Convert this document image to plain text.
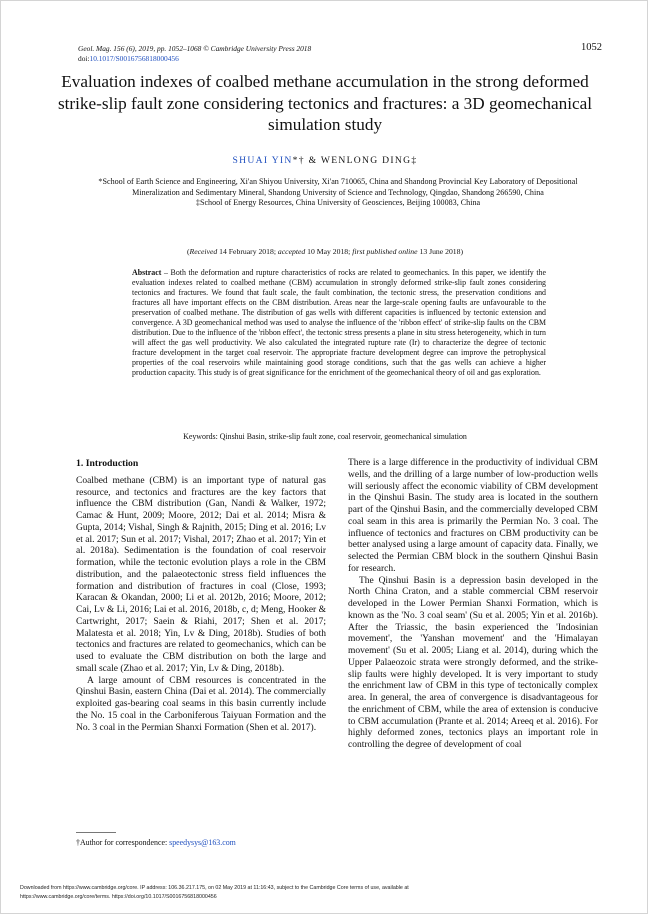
Geol. Mag. 156 (6), 2019, pp. 1052–1068 © Cambridge University Press 2018
doi:10.1017/S0016756818000456
1052
Evaluation indexes of coalbed methane accumulation in the strong deformed strike-slip fault zone considering tectonics and fractures: a 3D geomechanical simulation study
SHUAI YIN*† & WENLONG DING‡
*School of Earth Science and Engineering, Xi'an Shiyou University, Xi'an 710065, China and Shandong Provincial Key Laboratory of Depositional Mineralization and Sedimentary Mineral, Shandong University of Science and Technology, Qingdao, Shandong 266590, China
‡School of Energy Resources, China University of Geosciences, Beijing 100083, China
(Received 14 February 2018; accepted 10 May 2018; first published online 13 June 2018)
Abstract – Both the deformation and rupture characteristics of rocks are related to geomechanics. In this paper, we identify the evaluation indexes related to coalbed methane (CBM) accumulation in strongly deformed strike-slip fault zones considering tectonics and fractures. We found that fault scale, the fault combination, the tectonic stress, the preservation conditions and fractures all have important effects on the CBM distribution. Areas near the large-scale opening faults are unfavourable to the preservation of coalbed methane. The distribution of gas wells with different capacities is influenced by tectonic extension and convergence. A 3D geomechanical method was used to analyse the influence of the 'ribbon effect' of strike-slip faults on the CBM distribution. Due to the influence of the 'ribbon effect', the tectonic stress presents a plane in situ stress heterogeneity, which in turn will affect the gas well productivity. We also calculated the integrated rupture rate (Ir) to characterize the degree of tectonic fracture development in the target coal reservoir. The appropriate fracture development degree can improve the petrophysical properties of the coal reservoirs while maintaining good storage conditions, such that the gas wells can achieve a higher production capacity. This study is of great significance for the enrichment of the geomechanical theory of oil and gas exploration.
Keywords: Qinshui Basin, strike-slip fault zone, coal reservoir, geomechanical simulation
1. Introduction

Coalbed methane (CBM) is an important type of natural gas resource, and tectonics and fractures are the key factors that influence the CBM distribution (Gan, Nandi & Walker, 1972; Camac & Hunt, 2009; Moore, 2012; Dai et al. 2014; Misra & Gupta, 2014; Vishal, Singh & Rajnith, 2015; Ding et al. 2016; Lv et al. 2017; Sun et al. 2017; Vishal, 2017; Zhao et al. 2017; Yin et al. 2018a). Sedimentation is the foundation of coal reservoir formation, while the tectonic evolution plays a role in the CBM distribution, and the palaeotectonic stress field influences the formation and distribution of fractures in coal (Close, 1993; Karacan & Okandan, 2000; Li et al. 2012b, 2016; Moore, 2012; Cai, Lv & Li, 2016; Lai et al. 2016, 2018b, c, d; Meng, Hooker & Cartwright, 2017; Saein & Riahi, 2017; Shen et al. 2017; Malatesta et al. 2018; Yin, Lv & Ding, 2018b). Studies of both tectonics and fractures are related to geomechanics, which can be used to evaluate the CBM distribution on both the large and small scale (Zhao et al. 2017; Yin, Lv & Ding, 2018b).

A large amount of CBM resources is concentrated in the Qinshui Basin, eastern China (Dai et al. 2014). The commercially exploited gas-bearing coal seams in this basin currently include the No. 15 coal in the Carboniferous Taiyuan Formation and the No. 3 coal in the Permian Shanxi Formation (Shen et al. 2017).

There is a large difference in the productivity of individual CBM wells, and the drilling of a large number of low-production wells will seriously affect the economic viability of CBM development in the Qinshui Basin. The study area is located in the southern part of the Qinshui Basin, and the commercially developed CBM coal seam in this area is primarily the Permian No. 3 coal. The influence of tectonics and fractures on CBM productivity can be better analysed using a large amount of capacity data. Finally, we selected the Permian CBM block in the southern Qinshui Basin for research.

The Qinshui Basin is a depression basin developed in the North China Craton, and a stable commercial CBM reservoir developed in the Lower Permian Shanxi Formation, which is known as the 'No. 3 coal seam' (Su et al. 2005; Yin et al. 2016b). After the Triassic, the basin experienced the 'Indosinian movement', the 'Yanshan movement' and the 'Himalayan movement' (Su et al. 2005; Liang et al. 2014), during which the Upper Palaeozoic strata were strongly deformed, and the strike-slip faults were highly developed. It is very important to study the enrichment law of CBM in this type of tectonically complex area. In general, the area of convergence is disadvantageous for the enrichment of CBM, while the area of extension is conducive to CBM accumulation (Prante et al. 2014; Areeq et al. 2016). For highly deformed zones, tectonics plays an important role in controlling the degree of development of coal

†Author for correspondence: speedysys@163.com
Downloaded from https://www.cambridge.org/core. IP address: 106.36.217.175, on 02 May 2019 at 11:16:43, subject to the Cambridge Core terms of use, available at
https://www.cambridge.org/core/terms. https://doi.org/10.1017/S0016756818000456
